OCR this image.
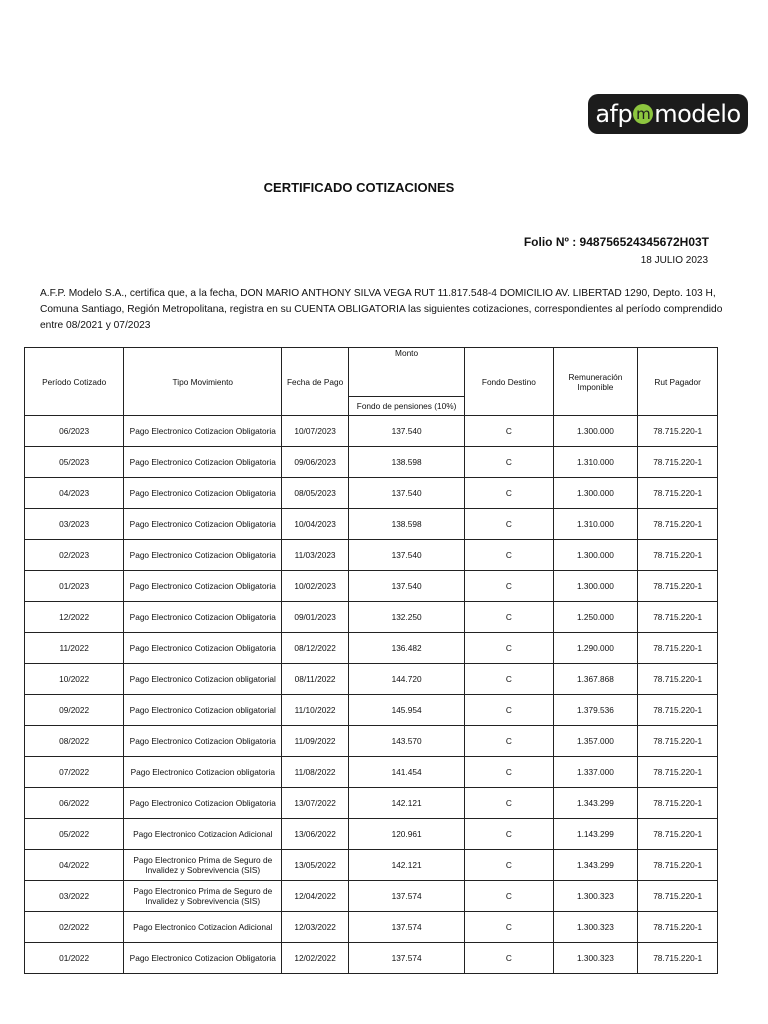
afp m modelo
CERTIFICADO COTIZACIONES
Folio Nº : 948756524345672H03T
18 JULIO 2023
A.F.P. Modelo S.A., certifica que, a la fecha, DON MARIO ANTHONY SILVA VEGA RUT 11.817.548-4 DOMICILIO AV. LIBERTAD 1290, Depto. 103 H, Comuna Santiago, Región Metropolitana, registra en su CUENTA OBLIGATORIA las siguientes cotizaciones, correspondientes al período comprendido entre 08/2021 y 07/2023
Período Cotizado	Tipo Movimiento	Fecha de Pago	Monto	Fondo Destino	Remuneración Imponible	Rut Pagador
			Fondo de pensiones (10%)			
06/2023	Pago Electronico Cotizacion Obligatoria	10/07/2023	137.540	C	1.300.000	78.715.220-1
05/2023	Pago Electronico Cotizacion Obligatoria	09/06/2023	138.598	C	1.310.000	78.715.220-1
04/2023	Pago Electronico Cotizacion Obligatoria	08/05/2023	137.540	C	1.300.000	78.715.220-1
03/2023	Pago Electronico Cotizacion Obligatoria	10/04/2023	138.598	C	1.310.000	78.715.220-1
02/2023	Pago Electronico Cotizacion Obligatoria	11/03/2023	137.540	C	1.300.000	78.715.220-1
01/2023	Pago Electronico Cotizacion Obligatoria	10/02/2023	137.540	C	1.300.000	78.715.220-1
12/2022	Pago Electronico Cotizacion Obligatoria	09/01/2023	132.250	C	1.250.000	78.715.220-1
11/2022	Pago Electronico Cotizacion Obligatoria	08/12/2022	136.482	C	1.290.000	78.715.220-1
10/2022	Pago Electronico Cotizacion obligatorial	08/11/2022	144.720	C	1.367.868	78.715.220-1
09/2022	Pago Electronico Cotizacion obligatorial	11/10/2022	145.954	C	1.379.536	78.715.220-1
08/2022	Pago Electronico Cotizacion Obligatoria	11/09/2022	143.570	C	1.357.000	78.715.220-1
07/2022	Pago Electronico Cotizacion obligatoria	11/08/2022	141.454	C	1.337.000	78.715.220-1
06/2022	Pago Electronico Cotizacion Obligatoria	13/07/2022	142.121	C	1.343.299	78.715.220-1
05/2022	Pago Electronico Cotizacion Adicional	13/06/2022	120.961	C	1.143.299	78.715.220-1
04/2022	Pago Electronico Prima de Seguro de Invalidez y Sobrevivencia (SIS)	13/05/2022	142.121	C	1.343.299	78.715.220-1
03/2022	Pago Electronico Prima de Seguro de Invalidez y Sobrevivencia (SIS)	12/04/2022	137.574	C	1.300.323	78.715.220-1
02/2022	Pago Electronico Cotizacion Adicional	12/03/2022	137.574	C	1.300.323	78.715.220-1
01/2022	Pago Electronico Cotizacion Obligatoria	12/02/2022	137.574	C	1.300.323	78.715.220-1
